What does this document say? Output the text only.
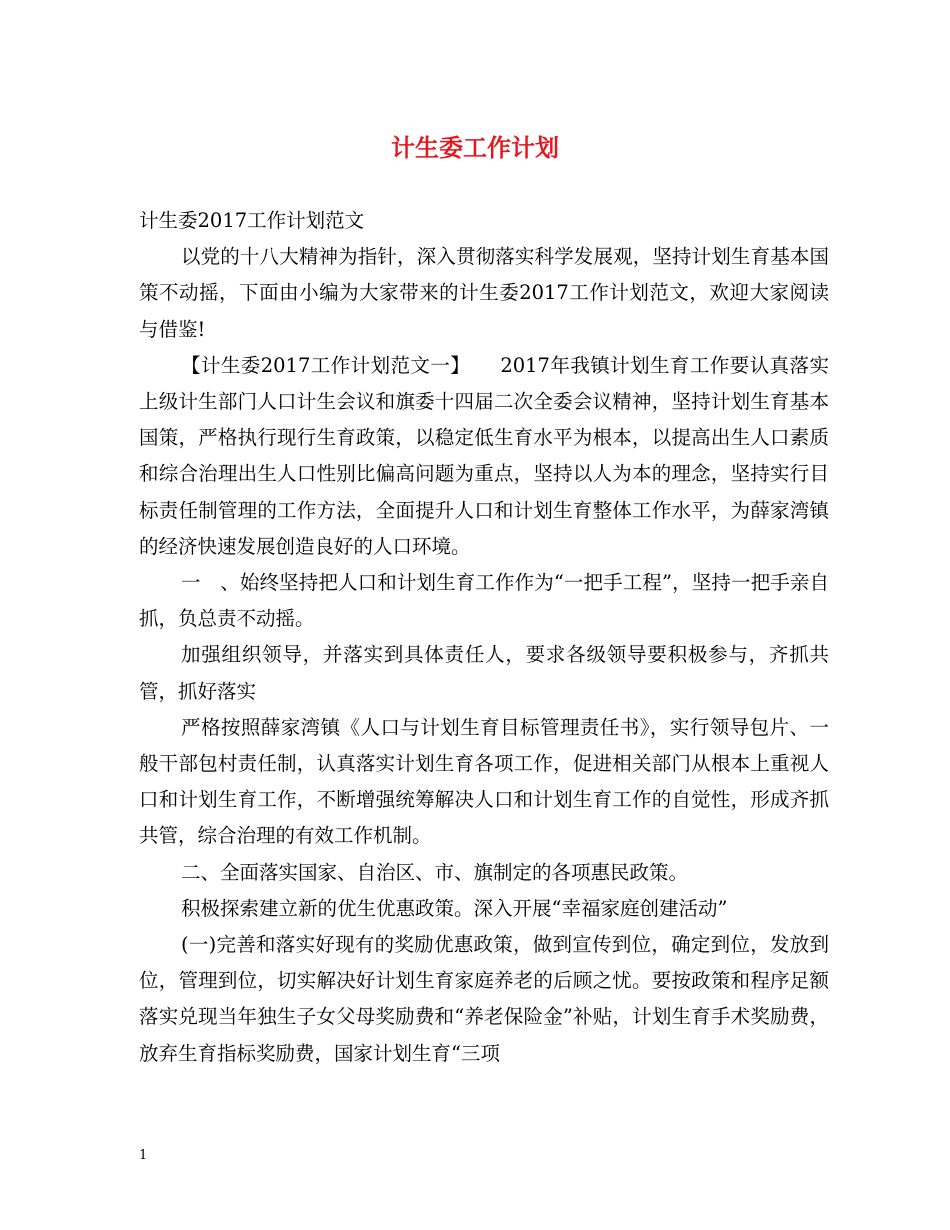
计生委工作计划

计生委2017工作计划范文

以党的十八大精神为指针，深入贯彻落实科学发展观，坚持计划生育基本国策不动摇，下面由小编为大家带来的计生委2017工作计划范文，欢迎大家阅读与借鉴!

【计生委2017工作计划范文一】　　2017年我镇计划生育工作要认真落实上级计生部门人口计生会议和旗委十四届二次全委会议精神，坚持计划生育基本国策，严格执行现行生育政策，以稳定低生育水平为根本，以提高出生人口素质和综合治理出生人口性别比偏高问题为重点，坚持以人为本的理念，坚持实行目标责任制管理的工作方法，全面提升人口和计划生育整体工作水平，为薛家湾镇的经济快速发展创造良好的人口环境。

一　、始终坚持把人口和计划生育工作作为“一把手工程”，坚持一把手亲自抓，负总责不动摇。

加强组织领导，并落实到具体责任人，要求各级领导要积极参与，齐抓共管，抓好落实

严格按照薛家湾镇《人口与计划生育目标管理责任书》，实行领导包片、一般干部包村责任制，认真落实计划生育各项工作，促进相关部门从根本上重视人口和计划生育工作，不断增强统筹解决人口和计划生育工作的自觉性，形成齐抓共管，综合治理的有效工作机制。

二、全面落实国家、自治区、市、旗制定的各项惠民政策。

积极探索建立新的优生优惠政策。深入开展“幸福家庭创建活动”

(一)完善和落实好现有的奖励优惠政策，做到宣传到位，确定到位，发放到位，管理到位，切实解决好计划生育家庭养老的后顾之忧。要按政策和程序足额落实兑现当年独生子女父母奖励费和“养老保险金”补贴，计划生育手术奖励费，放弃生育指标奖励费，国家计划生育“三项

1
